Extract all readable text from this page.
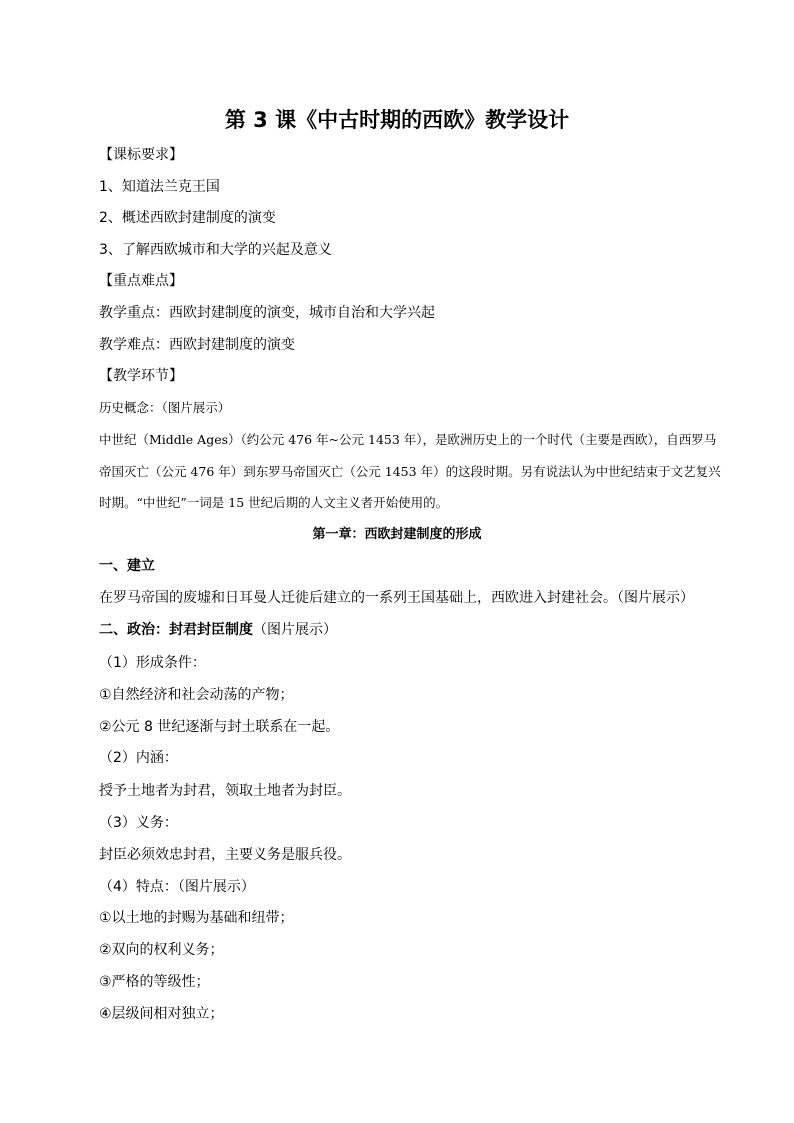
第 3 课《中古时期的西欧》教学设计
【课标要求】
1、知道法兰克王国
2、概述西欧封建制度的演变
3、了解西欧城市和大学的兴起及意义
【重点难点】
教学重点：西欧封建制度的演变，城市自治和大学兴起
教学难点：西欧封建制度的演变
【教学环节】
历史概念：（图片展示）
中世纪（Middle Ages）（约公元 476 年~公元 1453 年），是欧洲历史上的一个时代（主要是西欧），自西罗马帝国灭亡（公元 476 年）到东罗马帝国灭亡（公元 1453 年）的这段时期。另有说法认为中世纪结束于文艺复兴时期。“中世纪”一词是 15 世纪后期的人文主义者开始使用的。
第一章：西欧封建制度的形成
一、建立
在罗马帝国的废墟和日耳曼人迁徙后建立的一系列王国基础上，西欧进入封建社会。（图片展示）
二、政治：封君封臣制度（图片展示）
（1）形成条件：
①自然经济和社会动荡的产物；
②公元 8 世纪逐渐与封土联系在一起。
（2）内涵：
授予土地者为封君，领取土地者为封臣。
（3）义务：
封臣必须效忠封君，主要义务是服兵役。
（4）特点：（图片展示）
①以土地的封赐为基础和纽带；
②双向的权利义务；
③严格的等级性；
④层级间相对独立；
